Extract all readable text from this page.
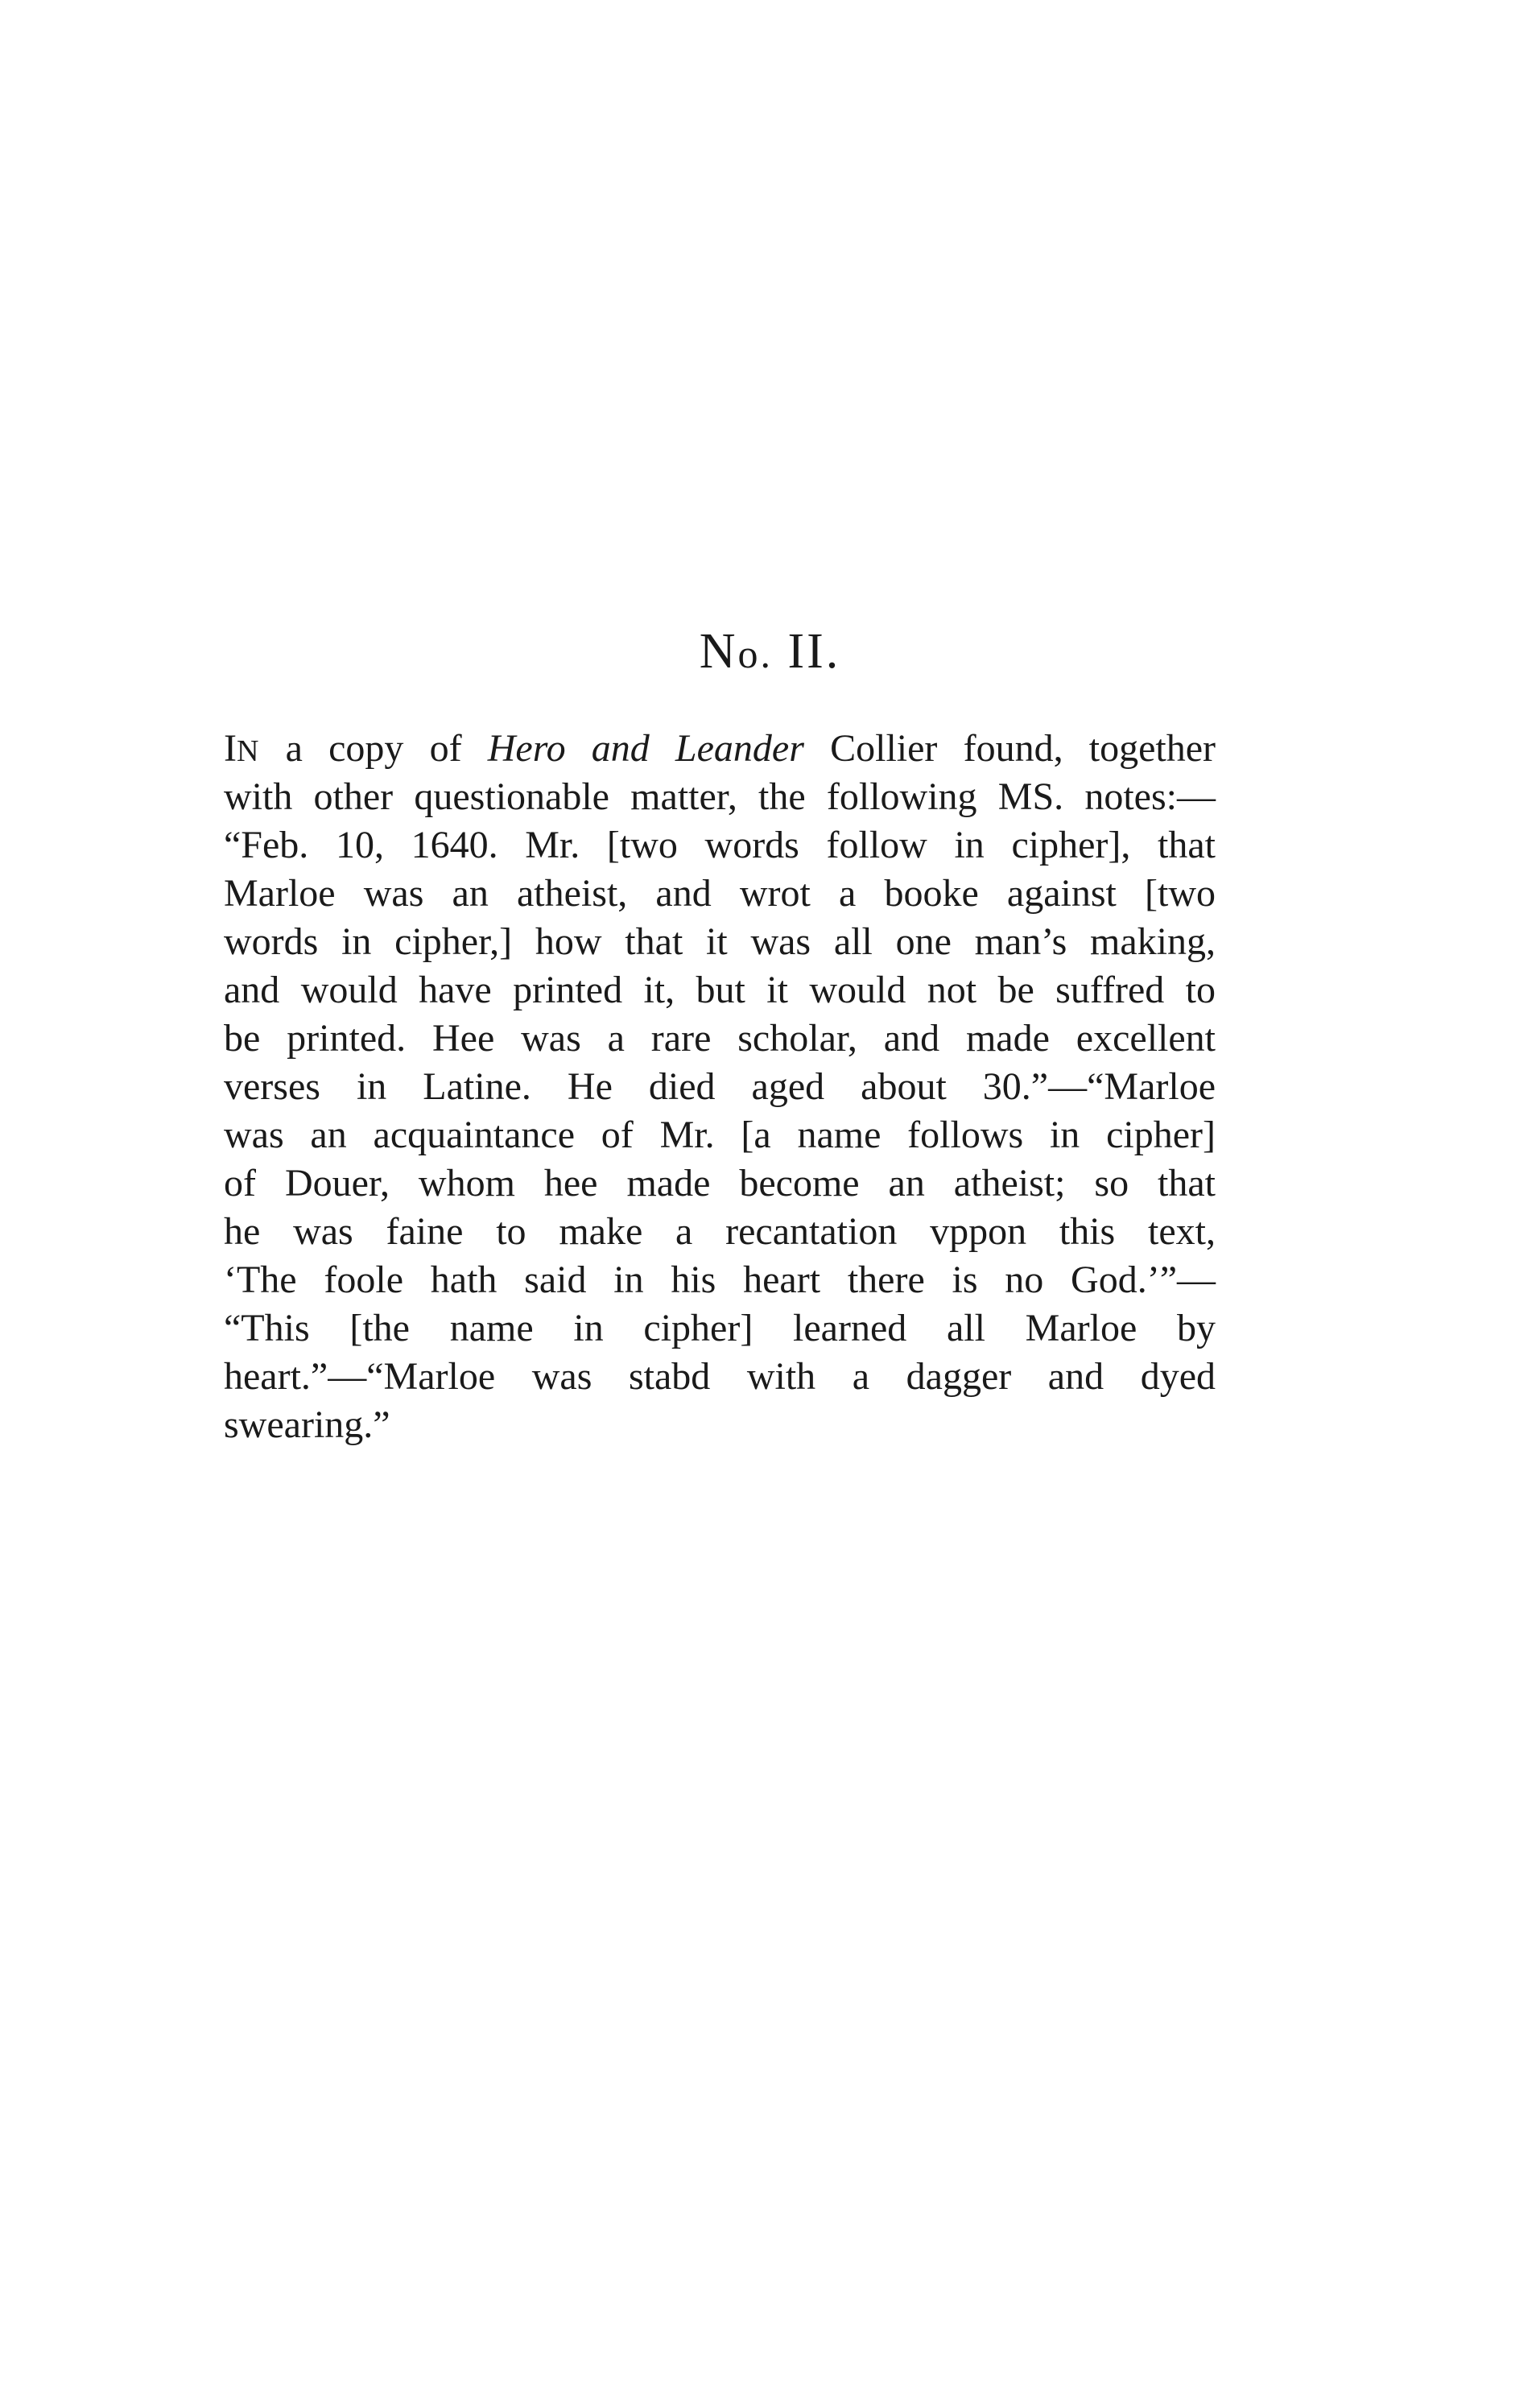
No. II.
IN a copy of Hero and Leander Collier found, together
with other questionable matter, the following MS. notes:—
“Feb. 10, 1640. Mr. [two words follow in cipher], that
Marloe was an atheist, and wrot a booke against [two
words in cipher,] how that it was all one man’s making,
and would have printed it, but it would not be suffred to
be printed. Hee was a rare scholar, and made excellent
verses in Latine. He died aged about 30.”—“Marloe
was an acquaintance of Mr. [a name follows in cipher]
of Douer, whom hee made become an atheist; so that
he was faine to make a recantation vppon this text,
‘The foole hath said in his heart there is no God.’”—
“This [the name in cipher] learned all Marloe by
heart.”—“Marloe was stabd with a dagger and dyed
swearing.”
